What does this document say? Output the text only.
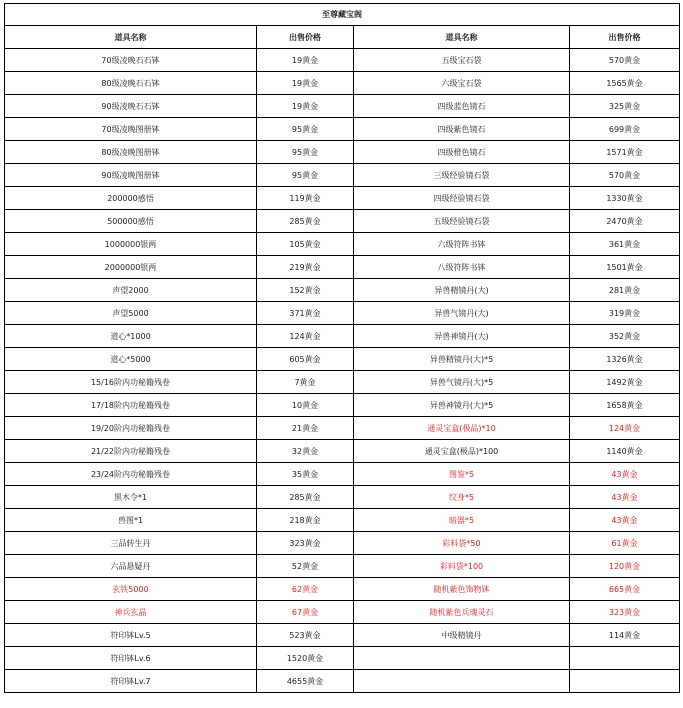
至尊藏宝阁			
道具名称	出售价格	道具名称	出售价格
70级凌晚石石钵	19黄金	五级宝石袋	570黄金
80级凌晚石石钵	19黄金	六级宝石袋	1565黄金
90级凌晚石石钵	19黄金	四级蓝色镜石	325黄金
70级凌晚图册钵	95黄金	四级紫色镜石	699黄金
80级凌晚图册钵	95黄金	四级橙色镜石	1571黄金
90级凌晚图册钵	95黄金	三级经验镜石袋	570黄金
200000感悟	119黄金	四级经验镜石袋	1330黄金
500000感悟	285黄金	五级经验镜石袋	2470黄金
1000000银两	105黄金	六级符阵书钵	361黄金
2000000银两	219黄金	八级符阵书钵	1501黄金
声望2000	152黄金	异兽精镜丹(大)	281黄金
声望5000	371黄金	异兽气镜丹(大)	319黄金
道心*1000	124黄金	异兽神镜丹(大)	352黄金
道心*5000	605黄金	异兽精镜丹(大)*5	1326黄金
15/16阶内功秘籍残卷	7黄金	异兽气镜丹(大)*5	1492黄金
17/18阶内功秘籍残卷	10黄金	异兽神镜丹(大)*5	1658黄金
19/20阶内功秘籍残卷	21黄金	通灵宝盒(极品)*10	124黄金
21/22阶内功秘籍残卷	32黄金	通灵宝盒(极品)*100	1140黄金
23/24阶内功秘籍残卷	35黄金	图鉴*5	43黄金
黑木令*1	285黄金	纹身*5	43黄金
兽图*1	218黄金	暗器*5	43黄金
三品转生丹	323黄金	彩料袋*50	61黄金
六品悬疑丹	52黄金	彩料袋*100	120黄金
玄铁5000	62黄金	随机紫色饰物钵	665黄金
神兵玄晶	67黄金	随机紫色兵魂灵石	323黄金
符印钵Lv.5	523黄金	中级精镜丹	114黄金
符印钵Lv.6	1520黄金		
符印钵Lv.7	4655黄金		
